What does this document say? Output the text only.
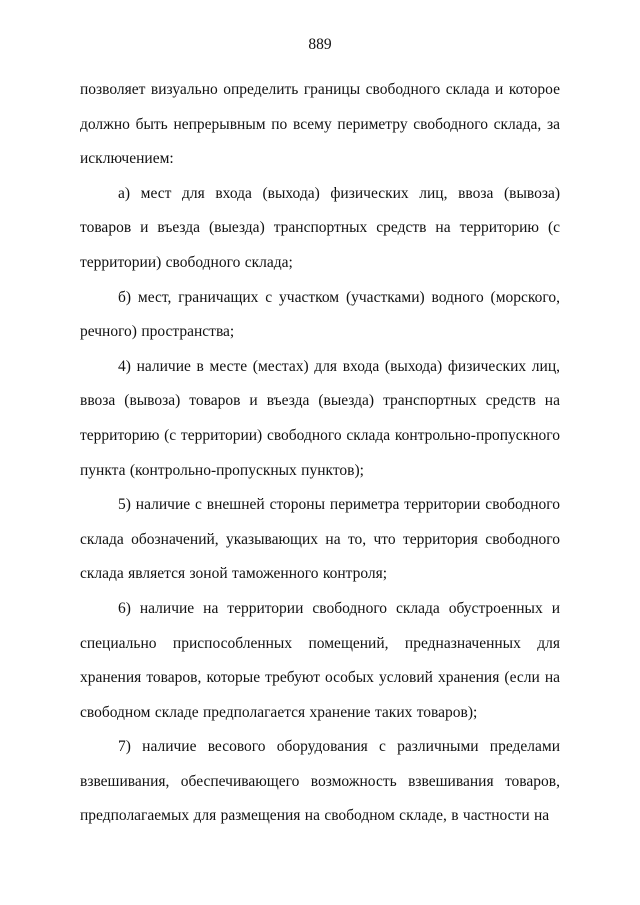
889

позволяет визуально определить границы свободного склада и которое должно быть непрерывным по всему периметру свободного склада, за исключением:

а) мест для входа (выхода) физических лиц, ввоза (вывоза) товаров и въезда (выезда) транспортных средств на территорию (с территории) свободного склада;

б) мест, граничащих с участком (участками) водного (морского, речного) пространства;

4) наличие в месте (местах) для входа (выхода) физических лиц, ввоза (вывоза) товаров и въезда (выезда) транспортных средств на территорию (с территории) свободного склада контрольно-пропускного пункта (контрольно-пропускных пунктов);

5) наличие с внешней стороны периметра территории свободного склада обозначений, указывающих на то, что территория свободного склада является зоной таможенного контроля;

6) наличие на территории свободного склада обустроенных и специально приспособленных помещений, предназначенных для хранения товаров, которые требуют особых условий хранения (если на свободном складе предполагается хранение таких товаров);

7) наличие весового оборудования с различными пределами взвешивания, обеспечивающего возможность взвешивания товаров, предполагаемых для размещения на свободном складе, в частности на
